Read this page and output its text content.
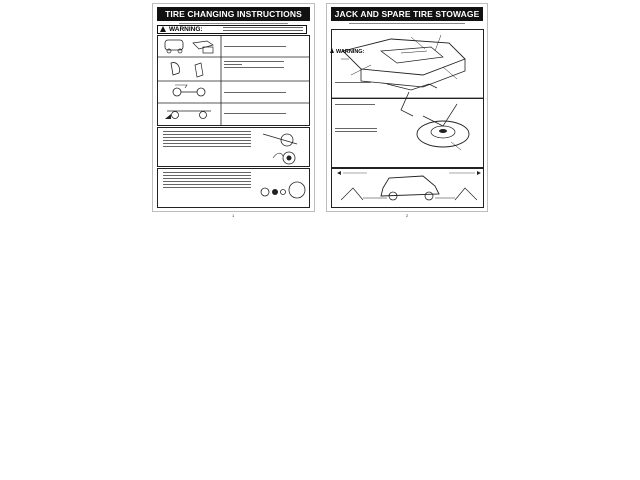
TIRE CHANGING INSTRUCTIONS
WARNING:
1
JACK AND SPARE TIRE STOWAGE
2
WARNING:
